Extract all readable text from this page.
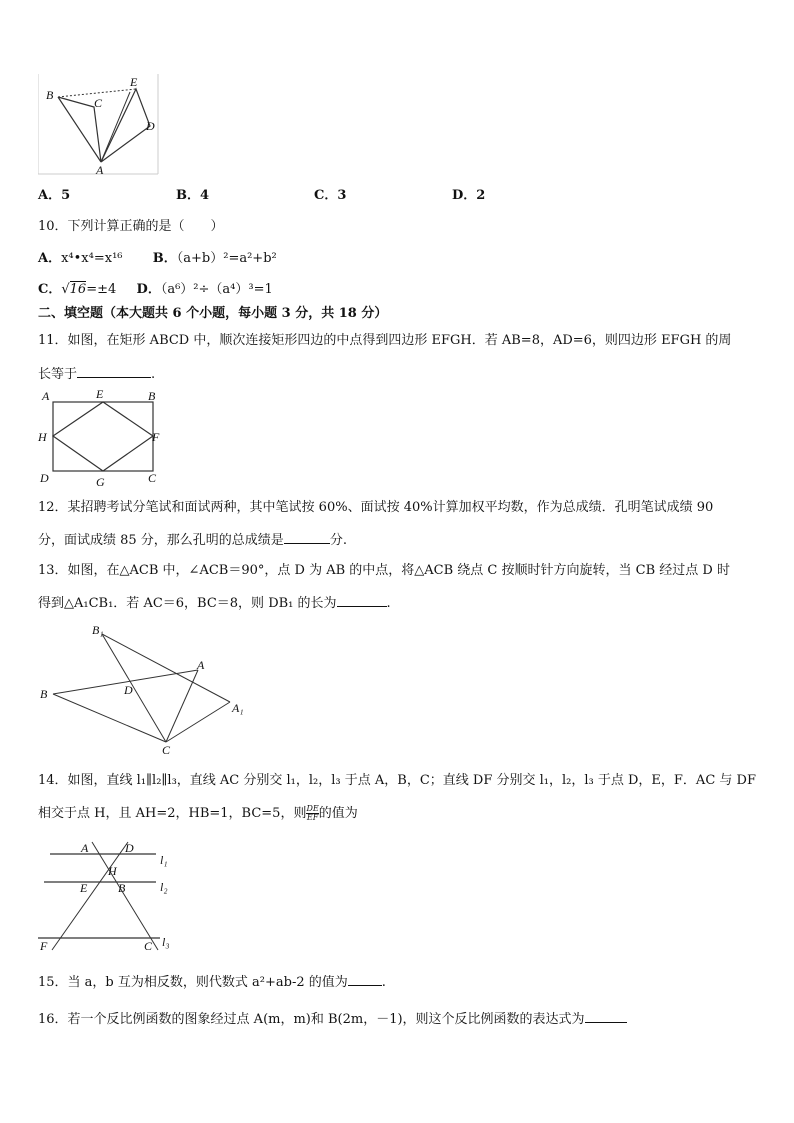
B
C
E
D
A
A．5	B．4	C．3	D．2
10．下列计算正确的是（　　）
A．x⁴•x⁴=x¹⁶ B．（a+b）²=a²+b²
C．√16=±4 D．（a⁶）²÷（a⁴）³=1
二、填空题（本大题共 6 个小题，每小题 3 分，共 18 分）
11．如图，在矩形 ABCD 中，顺次连接矩形四边的中点得到四边形 EFGH．若 AB=8，AD=6，则四边形 EFGH 的周
长等于	.
A	E	B
H	F
D	G	C
12．某招聘考试分笔试和面试两种，其中笔试按 60%、面试按 40%计算加权平均数，作为总成绩．孔明笔试成绩 90
分，面试成绩 85 分，那么孔明的总成绩是	分.
13．如图，在△ACB 中，∠ACB＝90°，点 D 为 AB 的中点，将△ACB 绕点 C 按顺时针方向旋转，当 CB 经过点 D 时
得到△A₁CB₁．若 AC＝6，BC＝8，则 DB₁ 的长为	.
B₁
A
D
B
A₁
C
14．如图，直线 l₁∥l₂∥l₃，直线 AC 分别交 l₁，l₂，l₃ 于点 A，B，C；直线 DF 分别交 l₁，l₂，l₃ 于点 D，E，F．AC 与 DF
相交于点 H，且 AH=2，HB=1，BC=5，则 $\frac{DE}{EF}$ 的值为
A	D
l₁
H
E	B	l₂
F	C l₃
15．当 a，b 互为相反数，则代数式 a²+ab-2 的值为	.
16．若一个反比例函数的图象经过点 A(m，m)和 B(2m，－1)，则这个反比例函数的表达式为
